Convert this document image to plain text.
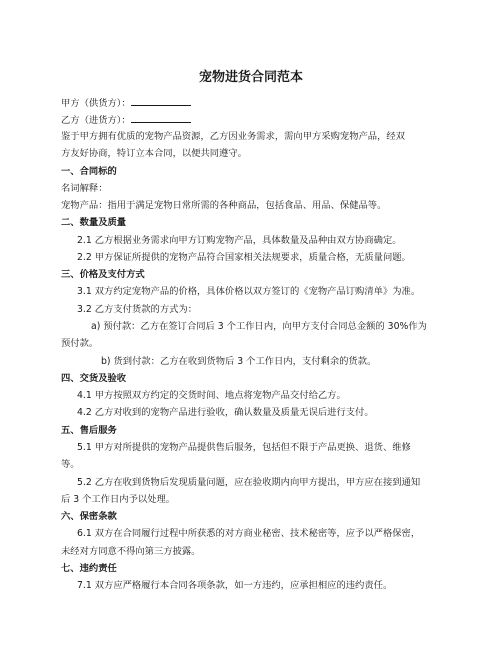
宠物进货合同范本
甲方（供货方）：
乙方（进货方）：
鉴于甲方拥有优质的宠物产品资源，乙方因业务需求，需向甲方采购宠物产品，经双
方友好协商，特订立本合同，以便共同遵守。
一、合同标的
名词解释：
宠物产品：指用于满足宠物日常所需的各种商品，包括食品、用品、保健品等。
二、数量及质量
2.1 乙方根据业务需求向甲方订购宠物产品，具体数量及品种由双方协商确定。
2.2 甲方保证所提供的宠物产品符合国家相关法规要求，质量合格，无质量问题。
三、价格及支付方式
3.1 双方约定宠物产品的价格，具体价格以双方签订的《宠物产品订购清单》为准。
3.2 乙方支付货款的方式为：
a) 预付款：乙方在签订合同后 3 个工作日内，向甲方支付合同总金额的 30%作为
预付款。
b) 货到付款：乙方在收到货物后 3 个工作日内，支付剩余的货款。
四、交货及验收
4.1 甲方按照双方约定的交货时间、地点将宠物产品交付给乙方。
4.2 乙方对收到的宠物产品进行验收，确认数量及质量无误后进行支付。
五、售后服务
5.1 甲方对所提供的宠物产品提供售后服务，包括但不限于产品更换、退货、维修
等。
5.2 乙方在收到货物后发现质量问题，应在验收期内向甲方提出，甲方应在接到通知
后 3 个工作日内予以处理。
六、保密条款
6.1 双方在合同履行过程中所获悉的对方商业秘密、技术秘密等，应予以严格保密，
未经对方同意不得向第三方披露。
七、违约责任
7.1 双方应严格履行本合同各项条款，如一方违约，应承担相应的违约责任。
